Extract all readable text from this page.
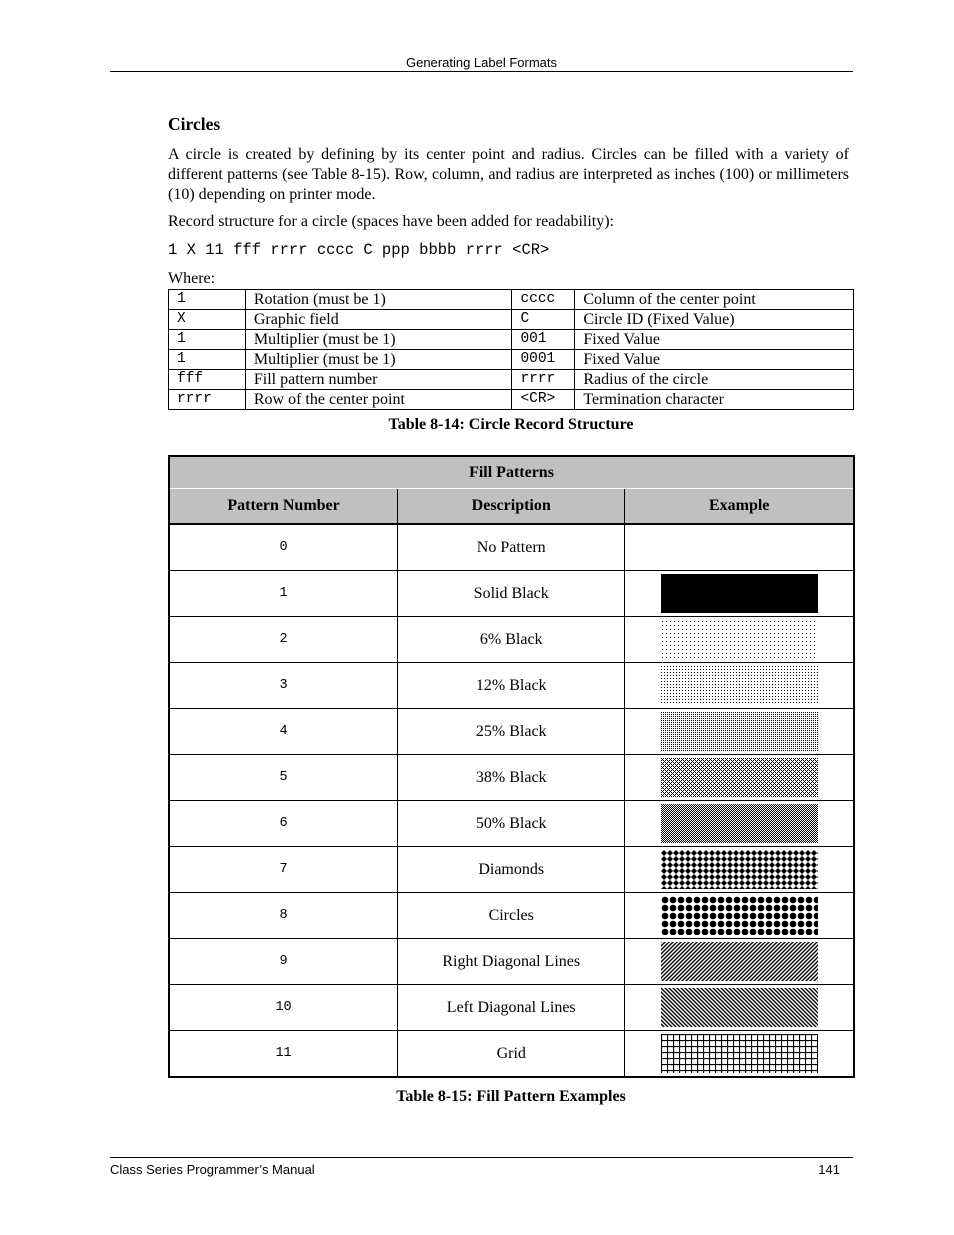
Generating Label Formats
Circles
A circle is created by defining by its center point and radius. Circles can be filled with a variety of different patterns (see Table 8-15). Row, column, and radius are interpreted as inches (100) or millimeters (10) depending on printer mode.
Record structure for a circle (spaces have been added for readability):
1 X 11 fff rrrr cccc C ppp bbbb rrrr <CR>
Where:
1	Rotation (must be 1)	cccc	Column of the center point
X	Graphic field	C	Circle ID (Fixed Value)
1	Multiplier (must be 1)	001	Fixed Value
1	Multiplier (must be 1)	0001	Fixed Value
fff	Fill pattern number	rrrr	Radius of the circle
rrrr	Row of the center point	<CR>	Termination character
Table 8-14: Circle Record Structure
Fill Patterns		
Pattern Number	Description	Example
0	No Pattern	
1	Solid Black	

2	6% Black	

3	12% Black	

4	25% Black	

5	38% Black	

6	50% Black	

7	Diamonds	

8	Circles	

9	Right Diagonal Lines	

10	Left Diagonal Lines	

11	Grid	
Table 8-15: Fill Pattern Examples
Class Series Programmer’s Manual	141
